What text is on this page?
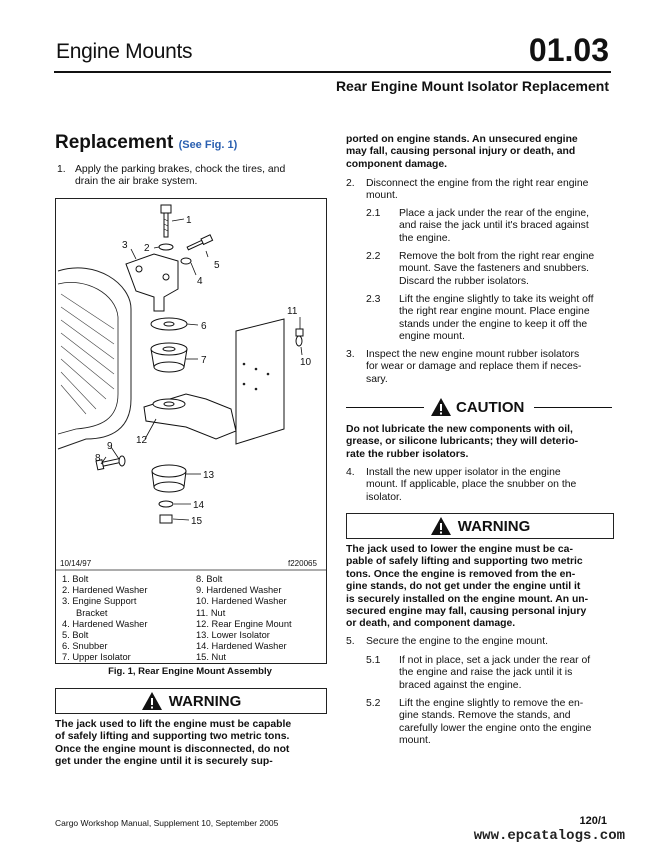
Engine Mounts	01.03
Rear Engine Mount Isolator Replacement
Replacement (See Fig. 1)
1. Apply the parking brakes, chock the tires, and
drain the air brake system.
1
2
3
4
5
6
7
8
9
10
11
12
13
14
15
10/14/97	f220065
1. Bolt
2. Hardened Washer
3. Engine Support
Bracket
4. Hardened Washer
5. Bolt
6. Snubber
7. Upper Isolator
8. Bolt
9. Hardened Washer
10. Hardened Washer
11. Nut
12. Rear Engine Mount
13. Lower Isolator
14. Hardened Washer
15. Nut
Fig. 1, Rear Engine Mount Assembly
WARNING
The jack used to lift the engine must be capable
of safely lifting and supporting two metric tons.
Once the engine mount is disconnected, do not
get under the engine until it is securely sup-
ported on engine stands. An unsecured engine
may fall, causing personal injury or death, and
component damage.
2. Disconnect the engine from the right rear engine
mount.
2.1 Place a jack under the rear of the engine,
and raise the jack until it's braced against
the engine.
2.2 Remove the bolt from the right rear engine
mount. Save the fasteners and snubbers.
Discard the rubber isolators.
2.3 Lift the engine slightly to take its weight off
the right rear engine mount. Place engine
stands under the engine to keep it off the
engine mount.
3. Inspect the new engine mount rubber isolators
for wear or damage and replace them if neces-
sary.
CAUTION
Do not lubricate the new components with oil,
grease, or silicone lubricants; they will deterio-
rate the rubber isolators.
4. Install the new upper isolator in the engine
mount. If applicable, place the snubber on the
isolator.
WARNING
The jack used to lower the engine must be ca-
pable of safely lifting and supporting two metric
tons. Once the engine is removed from the en-
gine stands, do not get under the engine until it
is securely installed on the engine mount. An un-
secured engine may fall, causing personal injury
or death, and component damage.
5. Secure the engine to the engine mount.
5.1 If not in place, set a jack under the rear of
the engine and raise the jack until it is
braced against the engine.
5.2 Lift the engine slightly to remove the en-
gine stands. Remove the stands, and
carefully lower the engine onto the engine
mount.
Cargo Workshop Manual, Supplement 10, September 2005	120/1
www.epcatalogs.com
